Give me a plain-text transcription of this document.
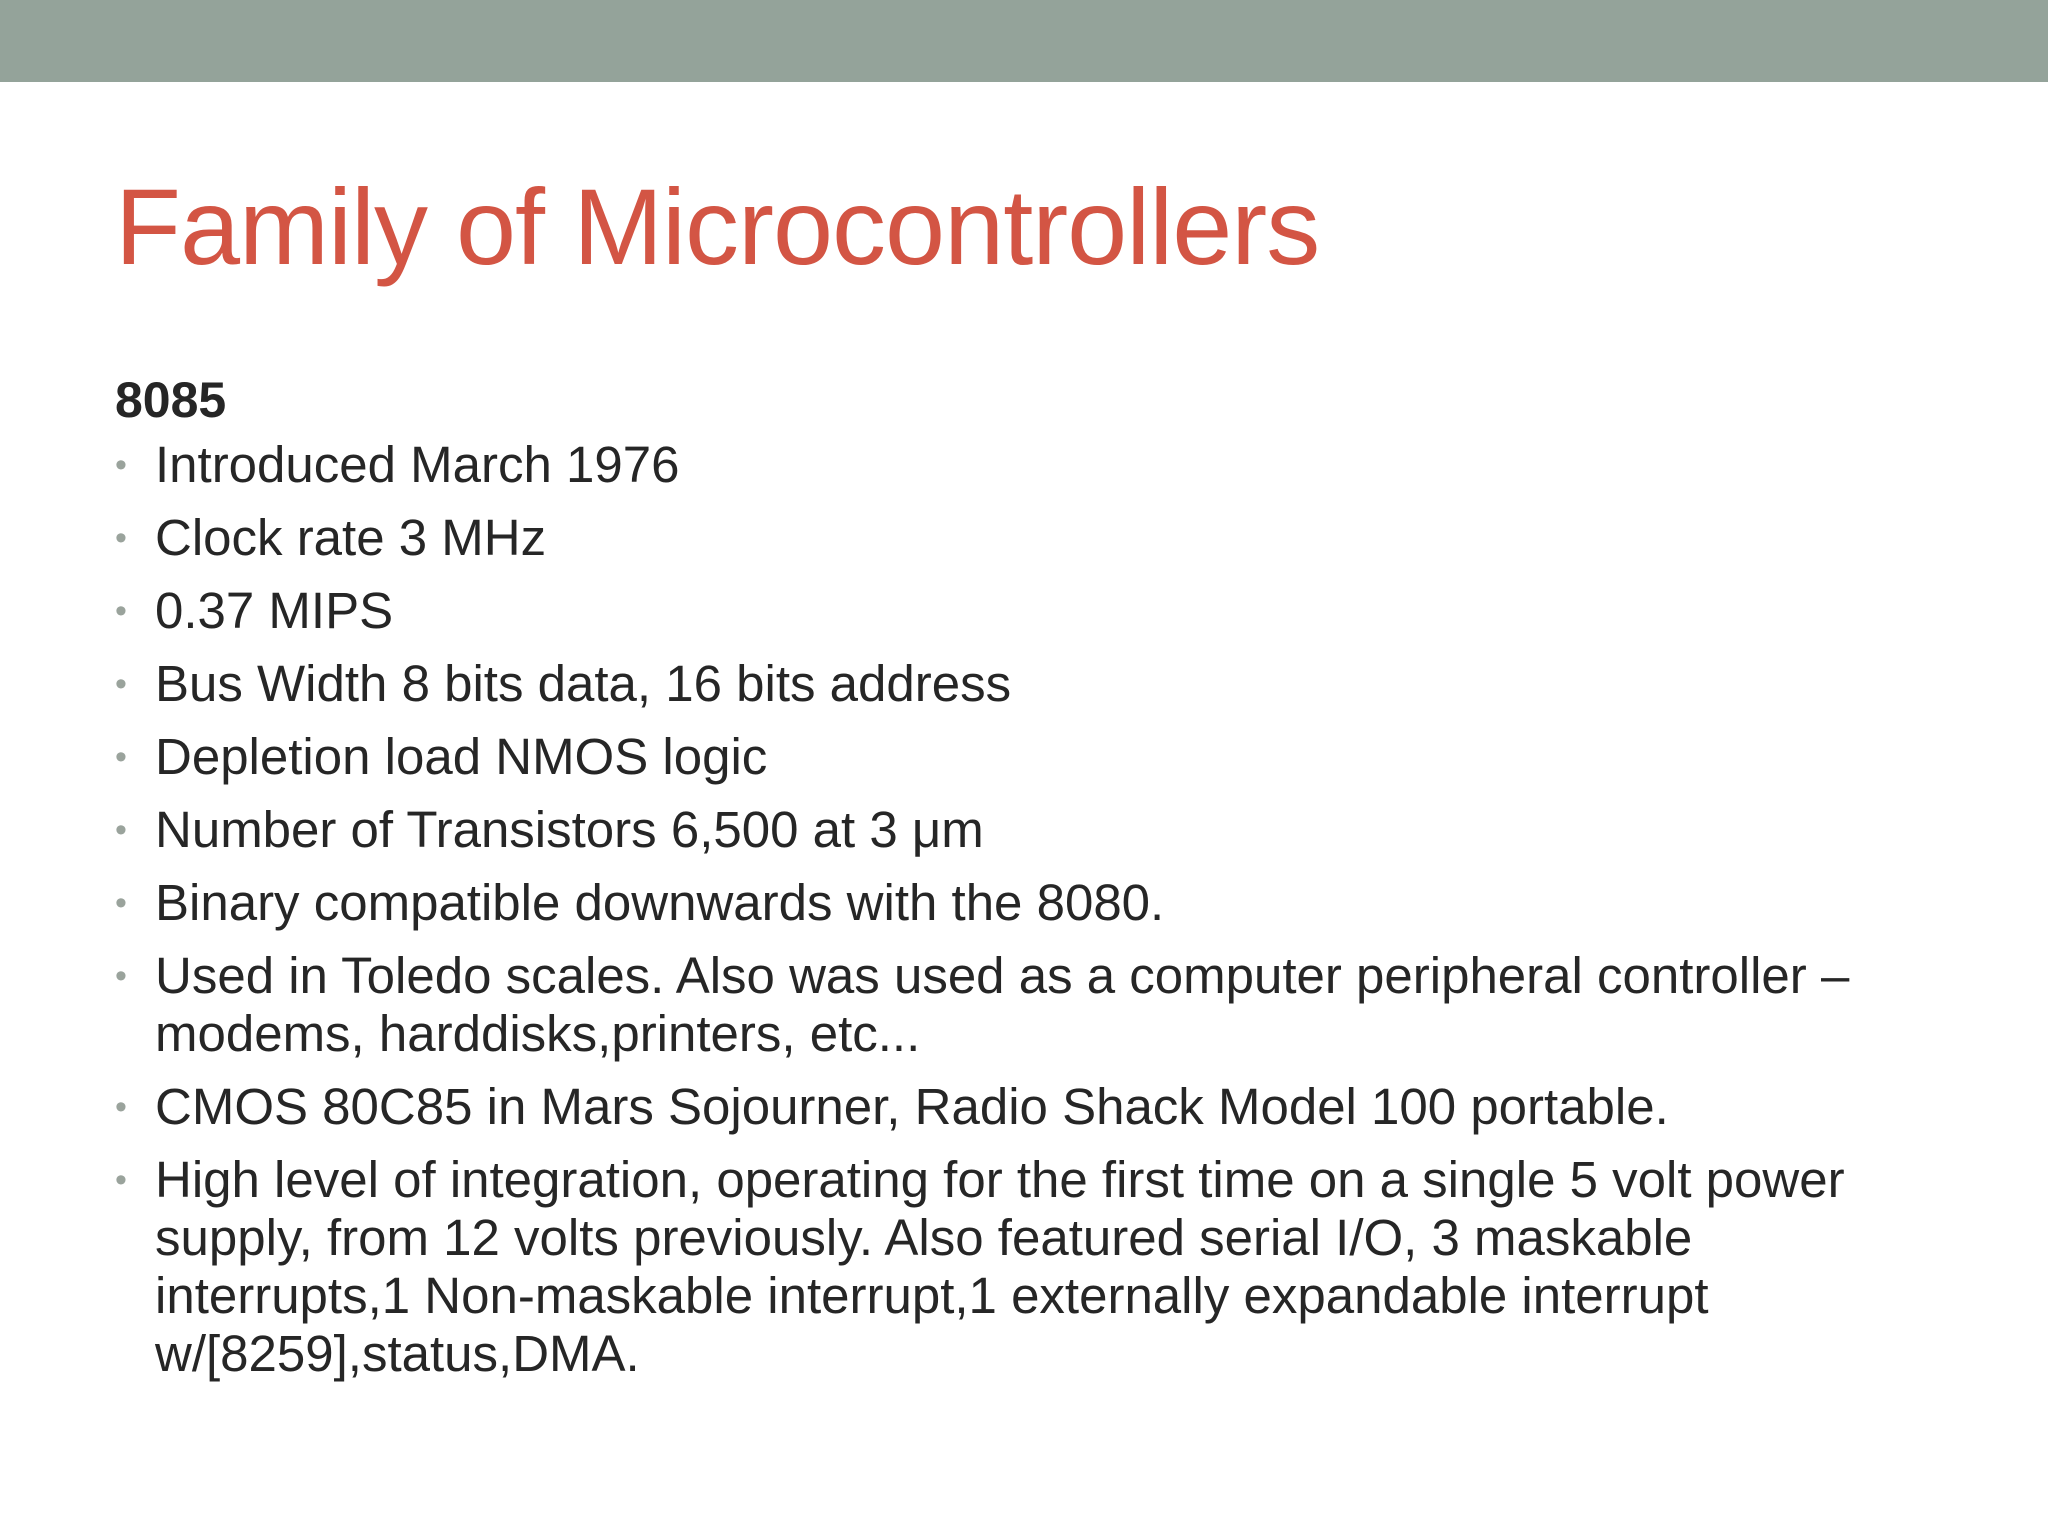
Family of Microcontrollers
8085
• Introduced March 1976
• Clock rate 3 MHz
• 0.37 MIPS
• Bus Width 8 bits data, 16 bits address
• Depletion load NMOS logic
• Number of Transistors 6,500 at 3 μm
• Binary compatible downwards with the 8080.
• Used in Toledo scales. Also was used as a computer peripheral controller – modems, harddisks,printers, etc...
• CMOS 80C85 in Mars Sojourner, Radio Shack Model 100 portable.
• High level of integration, operating for the first time on a single 5 volt power supply, from 12 volts previously. Also featured serial I/O, 3 maskable interrupts,1 Non-maskable interrupt,1 externally expandable interrupt w/[8259],status,DMA.
